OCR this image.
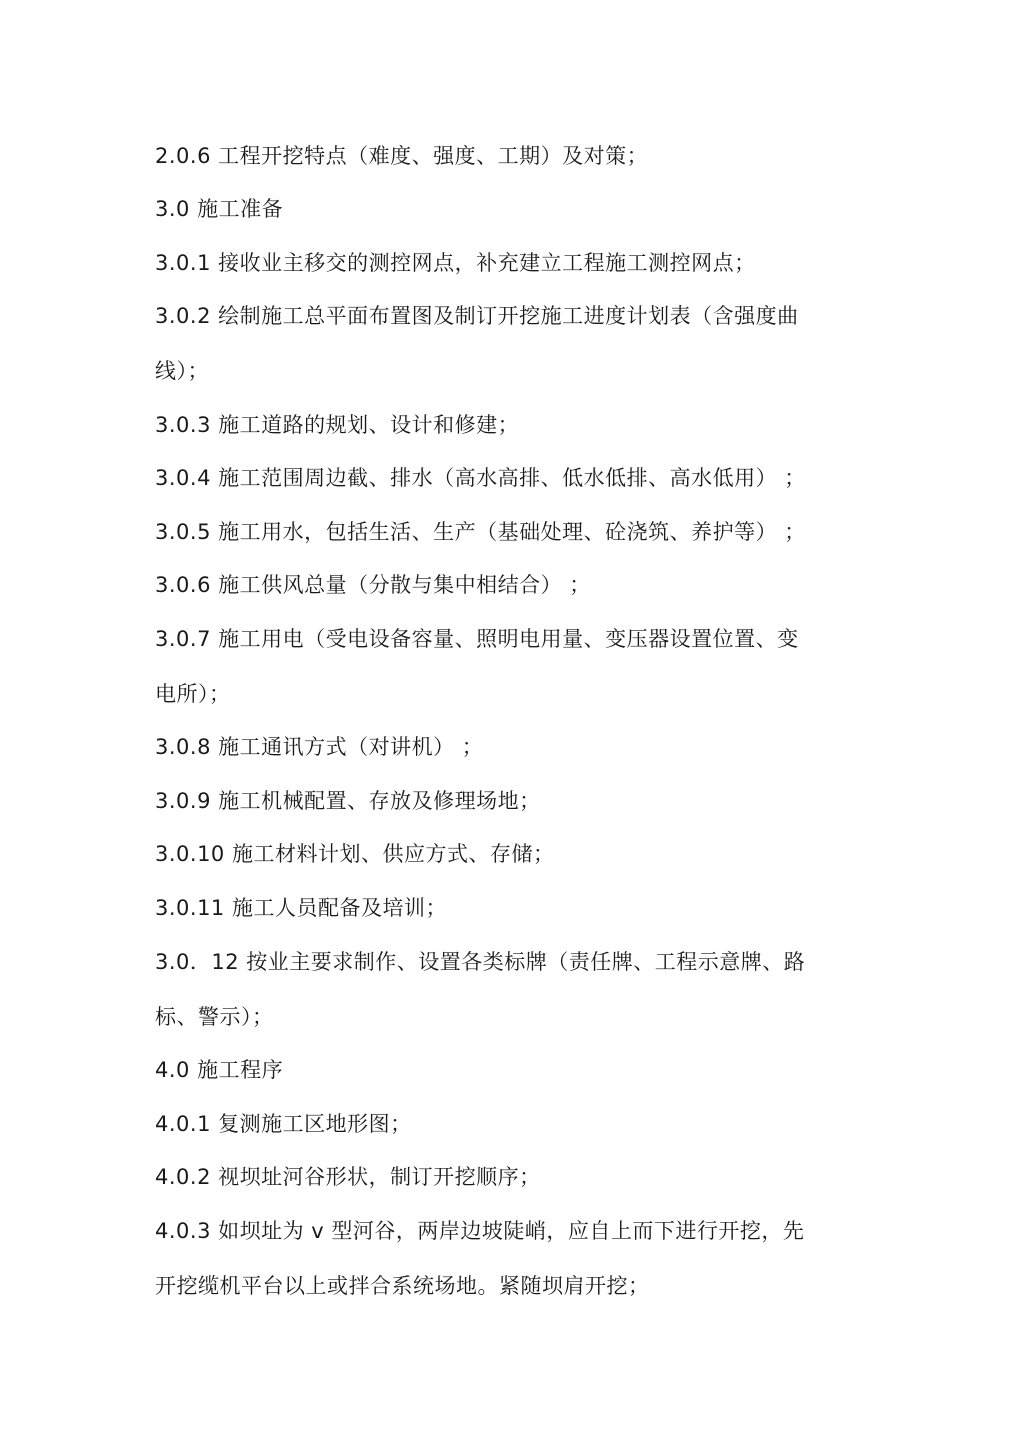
2.0.6 工程开挖特点（难度、强度、工期）及对策；
3.0 施工准备
3.0.1 接收业主移交的测控网点，补充建立工程施工测控网点；
3.0.2 绘制施工总平面布置图及制订开挖施工进度计划表（含强度曲
线）；
3.0.3 施工道路的规划、设计和修建；
3.0.4 施工范围周边截、排水（高水高排、低水低排、高水低用） ；
3.0.5 施工用水，包括生活、生产（基础处理、砼浇筑、养护等） ；
3.0.6 施工供风总量（分散与集中相结合） ；
3.0.7 施工用电（受电设备容量、照明电用量、变压器设置位置、变
电所）；
3.0.8 施工通讯方式（对讲机） ；
3.0.9 施工机械配置、存放及修理场地；
3.0.10 施工材料计划、供应方式、存储；
3.0.11 施工人员配备及培训；
3.0．12 按业主要求制作、设置各类标牌（责任牌、工程示意牌、路
标、警示）；
4.0 施工程序
4.0.1 复测施工区地形图；
4.0.2 视坝址河谷形状，制订开挖顺序；
4.0.3 如坝址为 v 型河谷，两岸边坡陡峭，应自上而下进行开挖，先
开挖缆机平台以上或拌合系统场地。紧随坝肩开挖；
